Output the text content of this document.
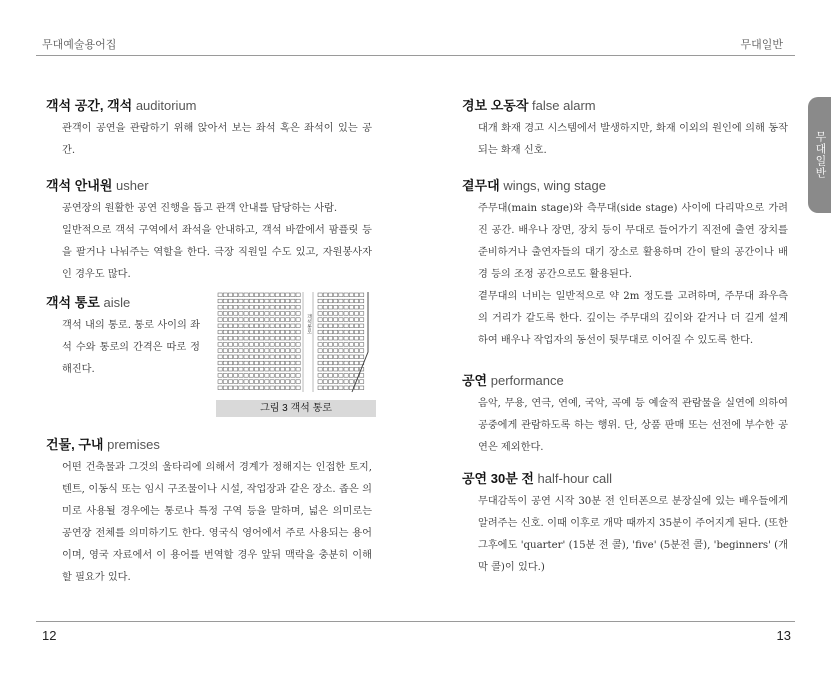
무대예술용어집	무대일반
무대일반
객석 공간, 객석 auditorium

관객이 공연을 관람하기 위해 앉아서 보는 좌석 혹은 좌석이 있는 공간.

객석 안내원 usher

공연장의 원활한 공연 진행을 돕고 관객 안내를 담당하는 사람.

일반적으로 객석 구역에서 좌석을 안내하고, 객석 바깥에서 팜플릿 등을 팔거나 나눠주는 역할을 한다. 극장 직원일 수도 있고, 자원봉사자인 경우도 많다.

객석 통로 aisle

객석 내의 통로. 통로 사이의 좌석 수와 통로의 간격은 따로 정해진다.

객석통로
그림 3 객석 통로
건물, 구내 premises

어떤 건축물과 그것의 울타리에 의해서 경계가 정해지는 인접한 토지, 텐트, 이동식 또는 임시 구조물이나 시설, 작업장과 같은 장소. 좁은 의미로 사용될 경우에는 통로나 특정 구역 등을 말하며, 넓은 의미로는 공연장 전체를 의미하기도 한다. 영국식 영어에서 주로 사용되는 용어이며, 영국 자료에서 이 용어를 번역할 경우 앞뒤 맥락을 충분히 이해할 필요가 있다.

경보 오동작 false alarm

대개 화재 경고 시스템에서 발생하지만, 화재 이외의 원인에 의해 동작되는 화재 신호.

곁무대 wings, wing stage

주무대(main stage)와 측무대(side stage) 사이에 다리막으로 가려진 공간. 배우나 장면, 장치 등이 무대로 들어가기 직전에 출연 장치를 준비하거나 출연자들의 대기 장소로 활용하며 간이 탈의 공간이나 배경 등의 조정 공간으로도 활용된다.

곁무대의 너비는 일반적으로 약 2m 정도를 고려하며, 주무대 좌우측의 거리가 같도록 한다. 깊이는 주무대의 깊이와 같거나 더 길게 설계하여 배우나 작업자의 동선이 뒷무대로 이어질 수 있도록 한다.

공연 performance

음악, 무용, 연극, 연예, 국악, 곡예 등 예술적 관람물을 실연에 의하여 공중에게 관람하도록 하는 행위. 단, 상품 판매 또는 선전에 부수한 공연은 제외한다.

공연 30분 전 half-hour call

무대감독이 공연 시작 30분 전 인터폰으로 분장실에 있는 배우들에게 알려주는 신호. 이때 이후로 개막 때까지 35분이 주어지게 된다. (또한 그후에도 'quarter' (15분 전 콜), 'five' (5분전 콜), 'beginners' (개막 콜)이 있다.)

12	13
